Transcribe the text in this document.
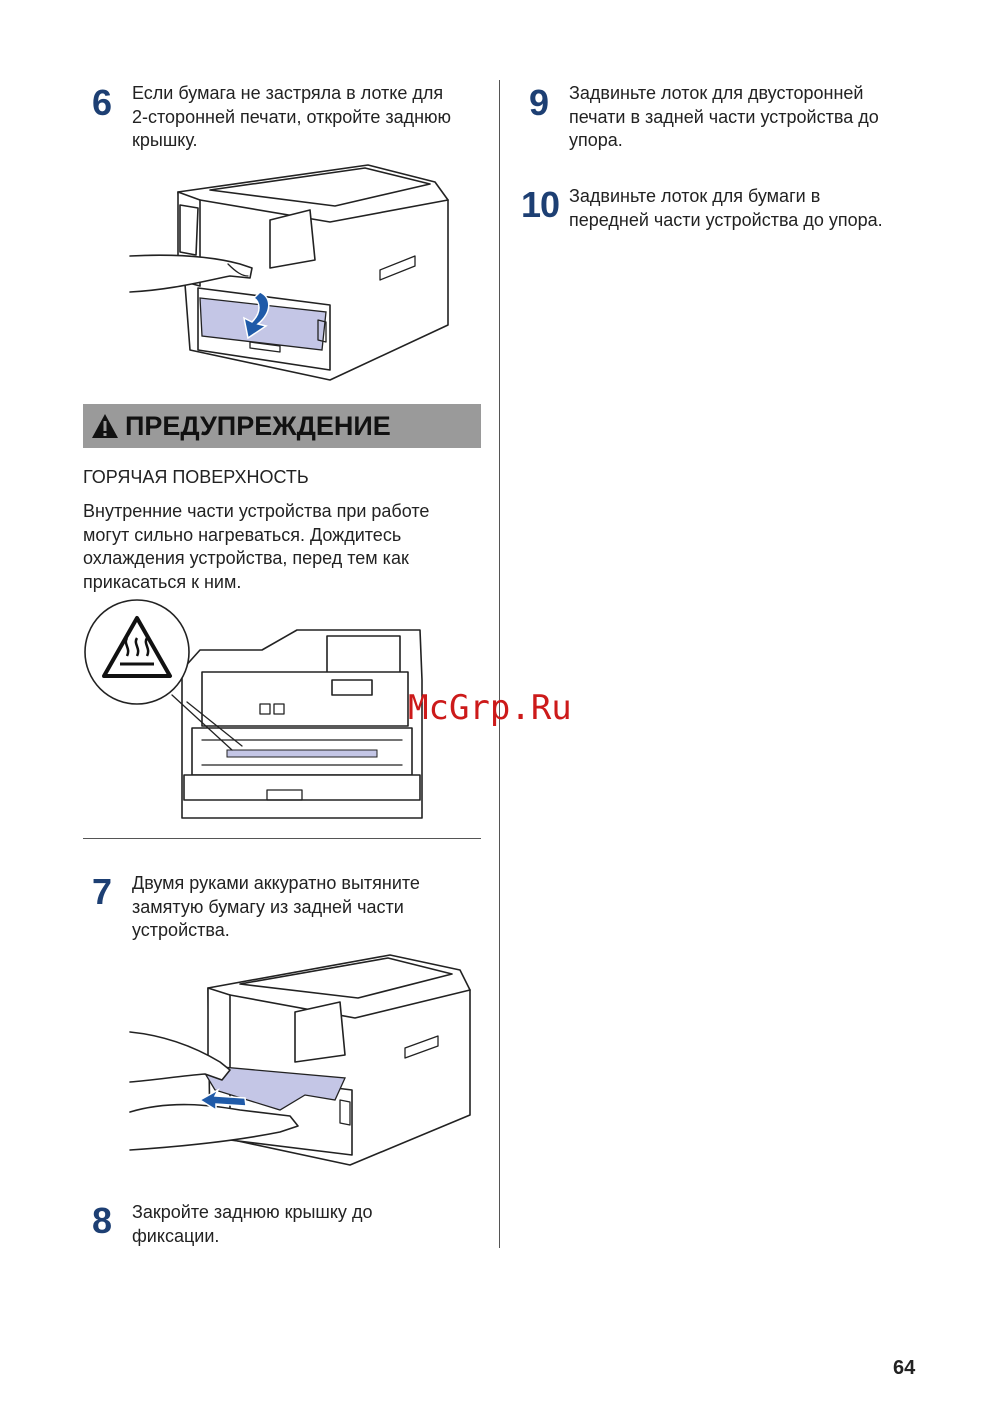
6 Если бумага не застряла в лотке для
2-сторонней печати, откройте заднюю
крышку.
ПРЕДУПРЕЖДЕНИЕ
ГОРЯЧАЯ ПОВЕРХНОСТЬ
Внутренние части устройства при работе
могут сильно нагреваться. Дождитесь
охлаждения устройства, перед тем как
прикасаться к ним.
7 Двумя руками аккуратно вытяните
замятую бумагу из задней части
устройства.
8 Закройте заднюю крышку до
фиксации.
9 Задвиньте лоток для двусторонней
печати в задней части устройства до
упора.
10 Задвиньте лоток для бумаги в
передней части устройства до упора.
McGrp.Ru
64
